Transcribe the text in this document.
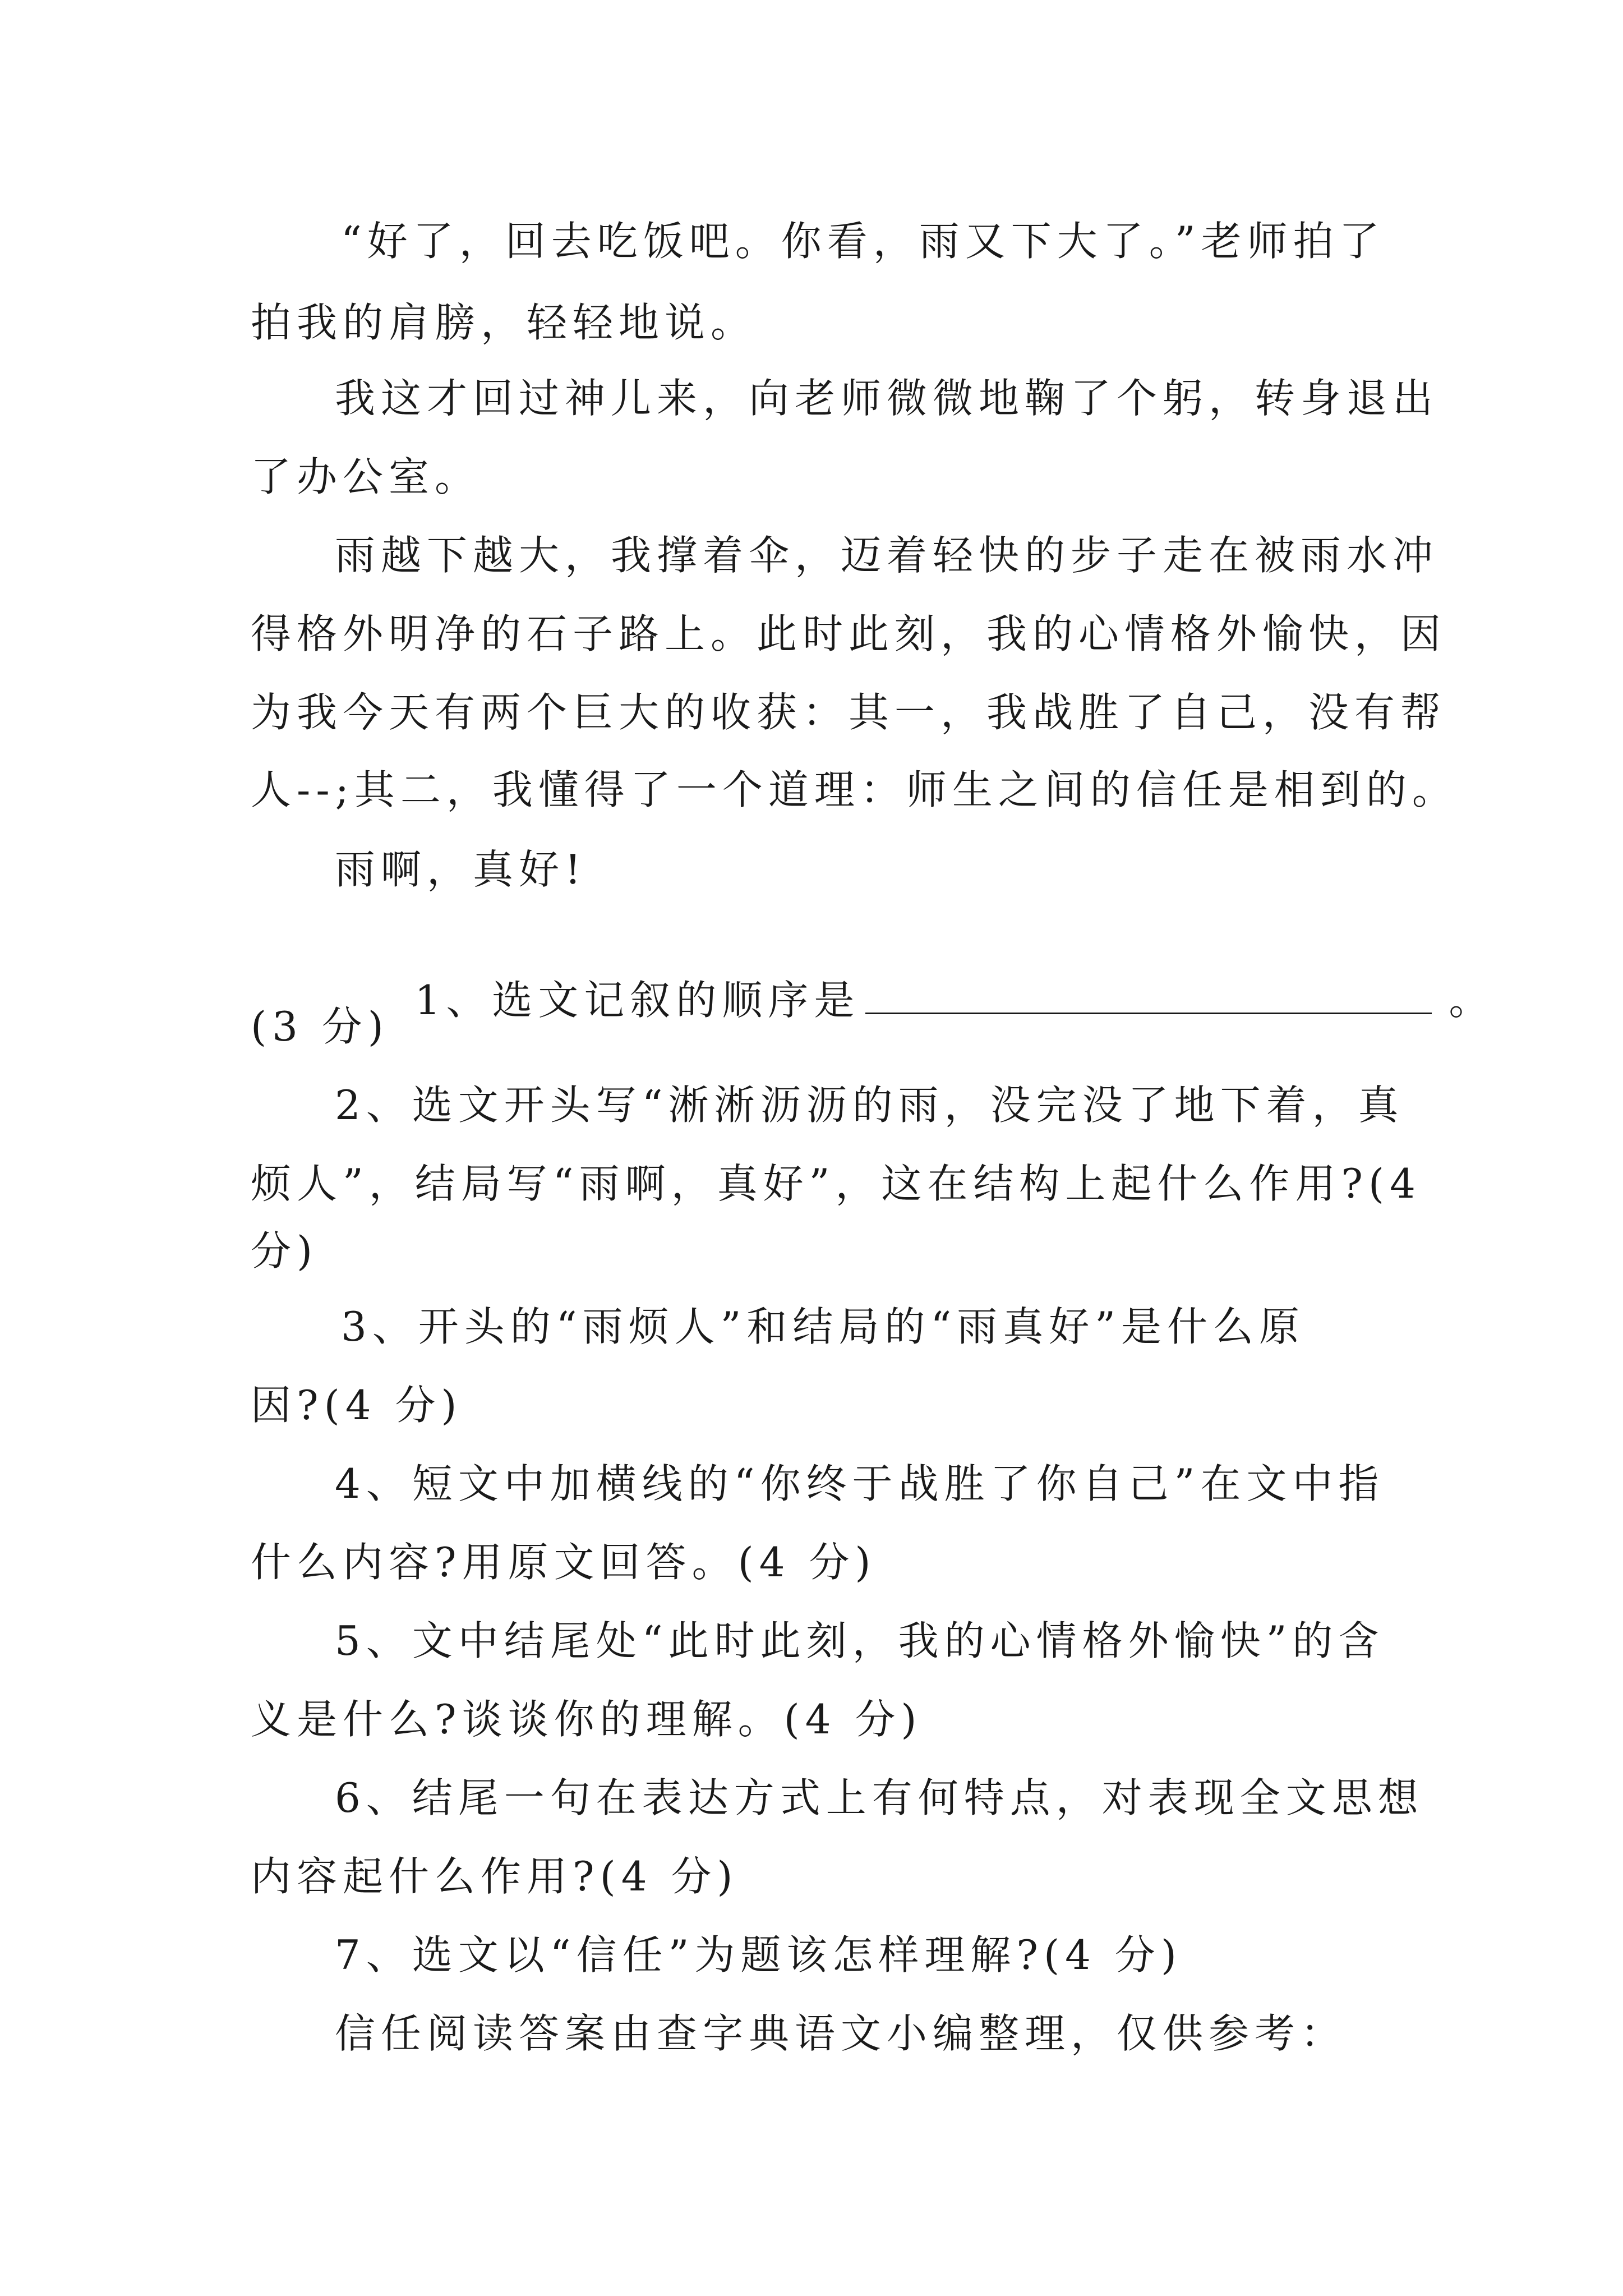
“好了，回去吃饭吧。你看，雨又下大了。”老师拍了
拍我的肩膀，轻轻地说。
我这才回过神儿来，向老师微微地鞠了个躬，转身退出
了办公室。
雨越下越大，我撑着伞，迈着轻快的步子走在被雨水冲
得格外明净的石子路上。此时此刻，我的心情格外愉快，因
为我今天有两个巨大的收获：其一，我战胜了自己，没有帮
人--;其二，我懂得了一个道理：师生之间的信任是相到的。
雨啊，真好!

1、选文记叙的顺序是	。

(3 分)
2、选文开头写“淅淅沥沥的雨，没完没了地下着，真
烦人”，结局写“雨啊，真好”，这在结构上起什么作用?(4
分)
3、开头的“雨烦人”和结局的“雨真好”是什么原
因?(4 分)
4、短文中加横线的“你终于战胜了你自己”在文中指
什么内容?用原文回答。(4 分)
5、文中结尾处“此时此刻，我的心情格外愉快”的含
义是什么?谈谈你的理解。(4 分)
6、结尾一句在表达方式上有何特点，对表现全文思想
内容起什么作用?(4 分)
7、选文以“信任”为题该怎样理解?(4 分)
信任阅读答案由查字典语文小编整理，仅供参考：
